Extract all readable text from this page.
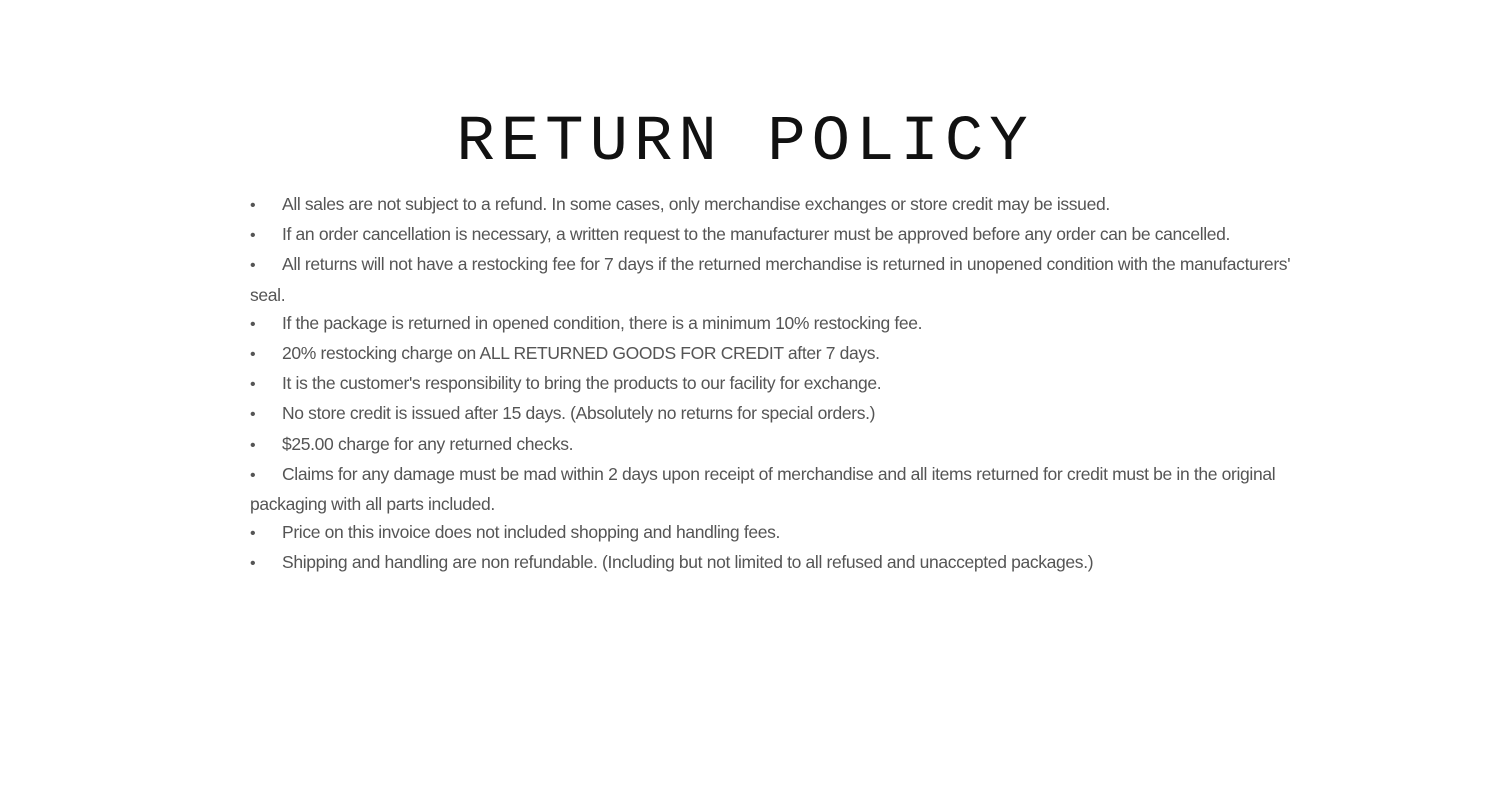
RETURN POLICY
• All sales are not subject to a refund. In some cases, only merchandise exchanges or store credit may be issued.
• If an order cancellation is necessary, a written request to the manufacturer must be approved before any order can be cancelled.
• All returns will not have a restocking fee for 7 days if the returned merchandise is returned in unopened condition with the manufacturers' seal.
• If the package is returned in opened condition, there is a minimum 10% restocking fee.
• 20% restocking charge on ALL RETURNED GOODS FOR CREDIT after 7 days.
• It is the customer's responsibility to bring the products to our facility for exchange.
• No store credit is issued after 15 days. (Absolutely no returns for special orders.)
• $25.00 charge for any returned checks.
• Claims for any damage must be mad within 2 days upon receipt of merchandise and all items returned for credit must be in the original packaging with all parts included.
• Price on this invoice does not included shopping and handling fees.
• Shipping and handling are non refundable. (Including but not limited to all refused and unaccepted packages.)
